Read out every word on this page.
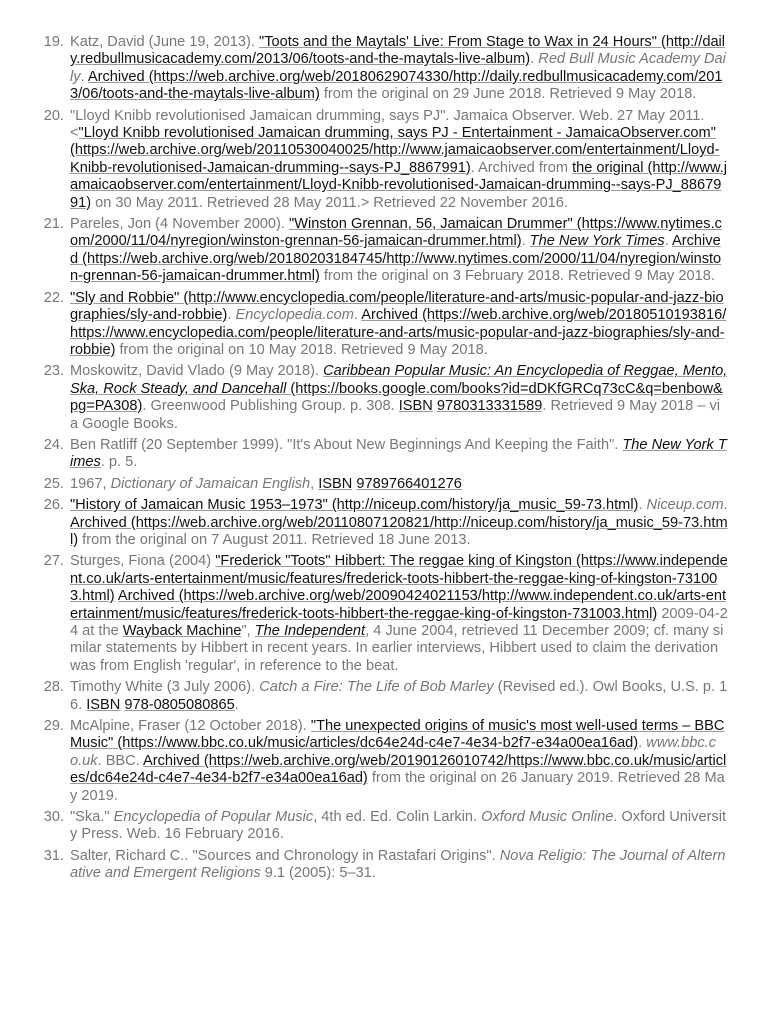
19. Katz, David (June 19, 2013). "Toots and the Maytals' Live: From Stage to Wax in 24 Hours" (http://daily.redbullmusicacademy.com/2013/06/toots-and-the-maytals-live-album). Red Bull Music Academy Daily. Archived (https://web.archive.org/web/20180629074330/http://daily.redbullmusicacademy.com/2013/06/toots-and-the-maytals-live-album) from the original on 29 June 2018. Retrieved 9 May 2018.
20. "Lloyd Knibb revolutionised Jamaican drumming, says PJ". Jamaica Observer. Web. 27 May 2011. <"Lloyd Knibb revolutionised Jamaican drumming, says PJ - Entertainment - JamaicaObserver.com" (https://web.archive.org/web/20110530040025/http://www.jamaicaobserver.com/entertainment/Lloyd-Knibb-revolutionised-Jamaican-drumming--says-PJ_8867991). Archived from the original (http://www.jamaicaobserver.com/entertainment/Lloyd-Knibb-revolutionised-Jamaican-drumming--says-PJ_8867991) on 30 May 2011. Retrieved 28 May 2011.> Retrieved 22 November 2016.
21. Pareles, Jon (4 November 2000). "Winston Grennan, 56, Jamaican Drummer" (https://www.nytimes.com/2000/11/04/nyregion/winston-grennan-56-jamaican-drummer.html). The New York Times. Archived (https://web.archive.org/web/20180203184745/http://www.nytimes.com/2000/11/04/nyregion/winston-grennan-56-jamaican-drummer.html) from the original on 3 February 2018. Retrieved 9 May 2018.
22. "Sly and Robbie" (http://www.encyclopedia.com/people/literature-and-arts/music-popular-and-jazz-biographies/sly-and-robbie). Encyclopedia.com. Archived (https://web.archive.org/web/20180510193816/https://www.encyclopedia.com/people/literature-and-arts/music-popular-and-jazz-biographies/sly-and-robbie) from the original on 10 May 2018. Retrieved 9 May 2018.
23. Moskowitz, David Vlado (9 May 2018). Caribbean Popular Music: An Encyclopedia of Reggae, Mento, Ska, Rock Steady, and Dancehall (https://books.google.com/books?id=dDKfGRCq73cC&q=benbow&pg=PA308). Greenwood Publishing Group. p. 308. ISBN 9780313331589. Retrieved 9 May 2018 – via Google Books.
24. Ben Ratliff (20 September 1999). "It's About New Beginnings And Keeping the Faith". The New York Times. p. 5.
25. 1967, Dictionary of Jamaican English, ISBN 9789766401276
26. "History of Jamaican Music 1953–1973" (http://niceup.com/history/ja_music_59-73.html). Niceup.com. Archived (https://web.archive.org/web/20110807120821/http://niceup.com/history/ja_music_59-73.html) from the original on 7 August 2011. Retrieved 18 June 2013.
27. Sturges, Fiona (2004) "Frederick "Toots" Hibbert: The reggae king of Kingston (https://www.independent.co.uk/arts-entertainment/music/features/frederick-toots-hibbert-the-reggae-king-of-kingston-731003.html) Archived (https://web.archive.org/web/20090424021153/http://www.independent.co.uk/arts-entertainment/music/features/frederick-toots-hibbert-the-reggae-king-of-kingston-731003.html) 2009-04-24 at the Wayback Machine", The Independent, 4 June 2004, retrieved 11 December 2009; cf. many similar statements by Hibbert in recent years. In earlier interviews, Hibbert used to claim the derivation was from English 'regular', in reference to the beat.
28. Timothy White (3 July 2006). Catch a Fire: The Life of Bob Marley (Revised ed.). Owl Books, U.S. p. 16. ISBN 978-0805080865.
29. McAlpine, Fraser (12 October 2018). "The unexpected origins of music's most well-used terms – BBC Music" (https://www.bbc.co.uk/music/articles/dc64e24d-c4e7-4e34-b2f7-e34a00ea16ad). www.bbc.co.uk. BBC. Archived (https://web.archive.org/web/20190126010742/https://www.bbc.co.uk/music/articles/dc64e24d-c4e7-4e34-b2f7-e34a00ea16ad) from the original on 26 January 2019. Retrieved 28 May 2019.
30. "Ska." Encyclopedia of Popular Music, 4th ed. Ed. Colin Larkin. Oxford Music Online. Oxford University Press. Web. 16 February 2016.
31. Salter, Richard C.. "Sources and Chronology in Rastafari Origins". Nova Religio: The Journal of Alternative and Emergent Religions 9.1 (2005): 5–31.
